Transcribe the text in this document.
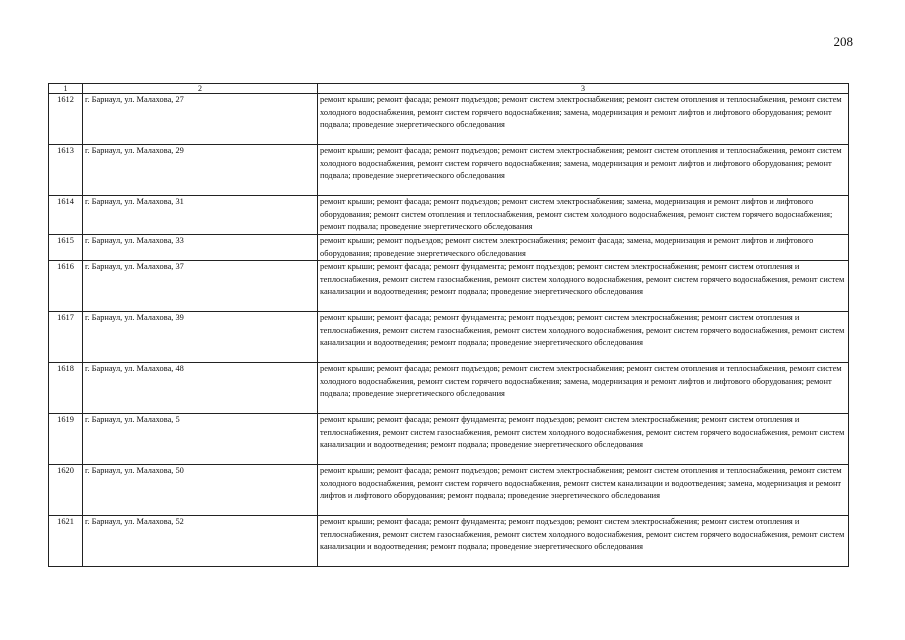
208
1	2	3
1612	г. Барнаул, ул. Малахова, 27	ремонт крыши; ремонт фасада; ремонт подъездов; ремонт систем электроснабжения; ремонт систем отопления и теплоснабжения, ремонт систем холодного водоснабжения, ремонт систем горячего водоснабжения; замена, модернизация и ремонт лифтов и лифтового оборудования; ремонт подвала; проведение энергетического обследования
1613	г. Барнаул, ул. Малахова, 29	ремонт крыши; ремонт фасада; ремонт подъездов; ремонт систем электроснабжения; ремонт систем отопления и теплоснабжения, ремонт систем холодного водоснабжения, ремонт систем горячего водоснабжения; замена, модернизация и ремонт лифтов и лифтового оборудования; ремонт подвала; проведение энергетического обследования
1614	г. Барнаул, ул. Малахова, 31	ремонт крыши; ремонт фасада; ремонт подъездов; ремонт систем электроснабжения; замена, модернизация и ремонт лифтов и лифтового оборудования; ремонт систем отопления и теплоснабжения, ремонт систем холодного водоснабжения, ремонт систем горячего водоснабжения; ремонт подвала; проведение энергетического обследования
1615	г. Барнаул, ул. Малахова, 33	ремонт крыши; ремонт подъездов; ремонт систем электроснабжения; ремонт фасада; замена, модернизация и ремонт лифтов и лифтового оборудования; проведение энергетического обследования
1616	г. Барнаул, ул. Малахова, 37	ремонт крыши; ремонт фасада; ремонт фундамента; ремонт подъездов; ремонт систем электроснабжения; ремонт систем отопления и теплоснабжения, ремонт систем газоснабжения, ремонт систем холодного водоснабжения, ремонт систем горячего водоснабжения, ремонт систем канализации и водоотведения; ремонт подвала; проведение энергетического обследования
1617	г. Барнаул, ул. Малахова, 39	ремонт крыши; ремонт фасада; ремонт фундамента; ремонт подъездов; ремонт систем электроснабжения; ремонт систем отопления и теплоснабжения, ремонт систем газоснабжения, ремонт систем холодного водоснабжения, ремонт систем горячего водоснабжения, ремонт систем канализации и водоотведения; ремонт подвала; проведение энергетического обследования
1618	г. Барнаул, ул. Малахова, 48	ремонт крыши; ремонт фасада; ремонт подъездов; ремонт систем электроснабжения; ремонт систем отопления и теплоснабжения, ремонт систем холодного водоснабжения, ремонт систем горячего водоснабжения; замена, модернизация и ремонт лифтов и лифтового оборудования; ремонт подвала; проведение энергетического обследования
1619	г. Барнаул, ул. Малахова, 5	ремонт крыши; ремонт фасада; ремонт фундамента; ремонт подъездов; ремонт систем электроснабжения; ремонт систем отопления и теплоснабжения, ремонт систем газоснабжения, ремонт систем холодного водоснабжения, ремонт систем горячего водоснабжения, ремонт систем канализации и водоотведения; ремонт подвала; проведение энергетического обследования
1620	г. Барнаул, ул. Малахова, 50	ремонт крыши; ремонт фасада; ремонт подъездов; ремонт систем электроснабжения; ремонт систем отопления и теплоснабжения, ремонт систем холодного водоснабжения, ремонт систем горячего водоснабжения, ремонт систем канализации и водоотведения; замена, модернизация и ремонт лифтов и лифтового оборудования; ремонт подвала; проведение энергетического обследования
1621	г. Барнаул, ул. Малахова, 52	ремонт крыши; ремонт фасада; ремонт фундамента; ремонт подъездов; ремонт систем электроснабжения; ремонт систем отопления и теплоснабжения, ремонт систем газоснабжения, ремонт систем холодного водоснабжения, ремонт систем горячего водоснабжения, ремонт систем канализации и водоотведения; ремонт подвала; проведение энергетического обследования
